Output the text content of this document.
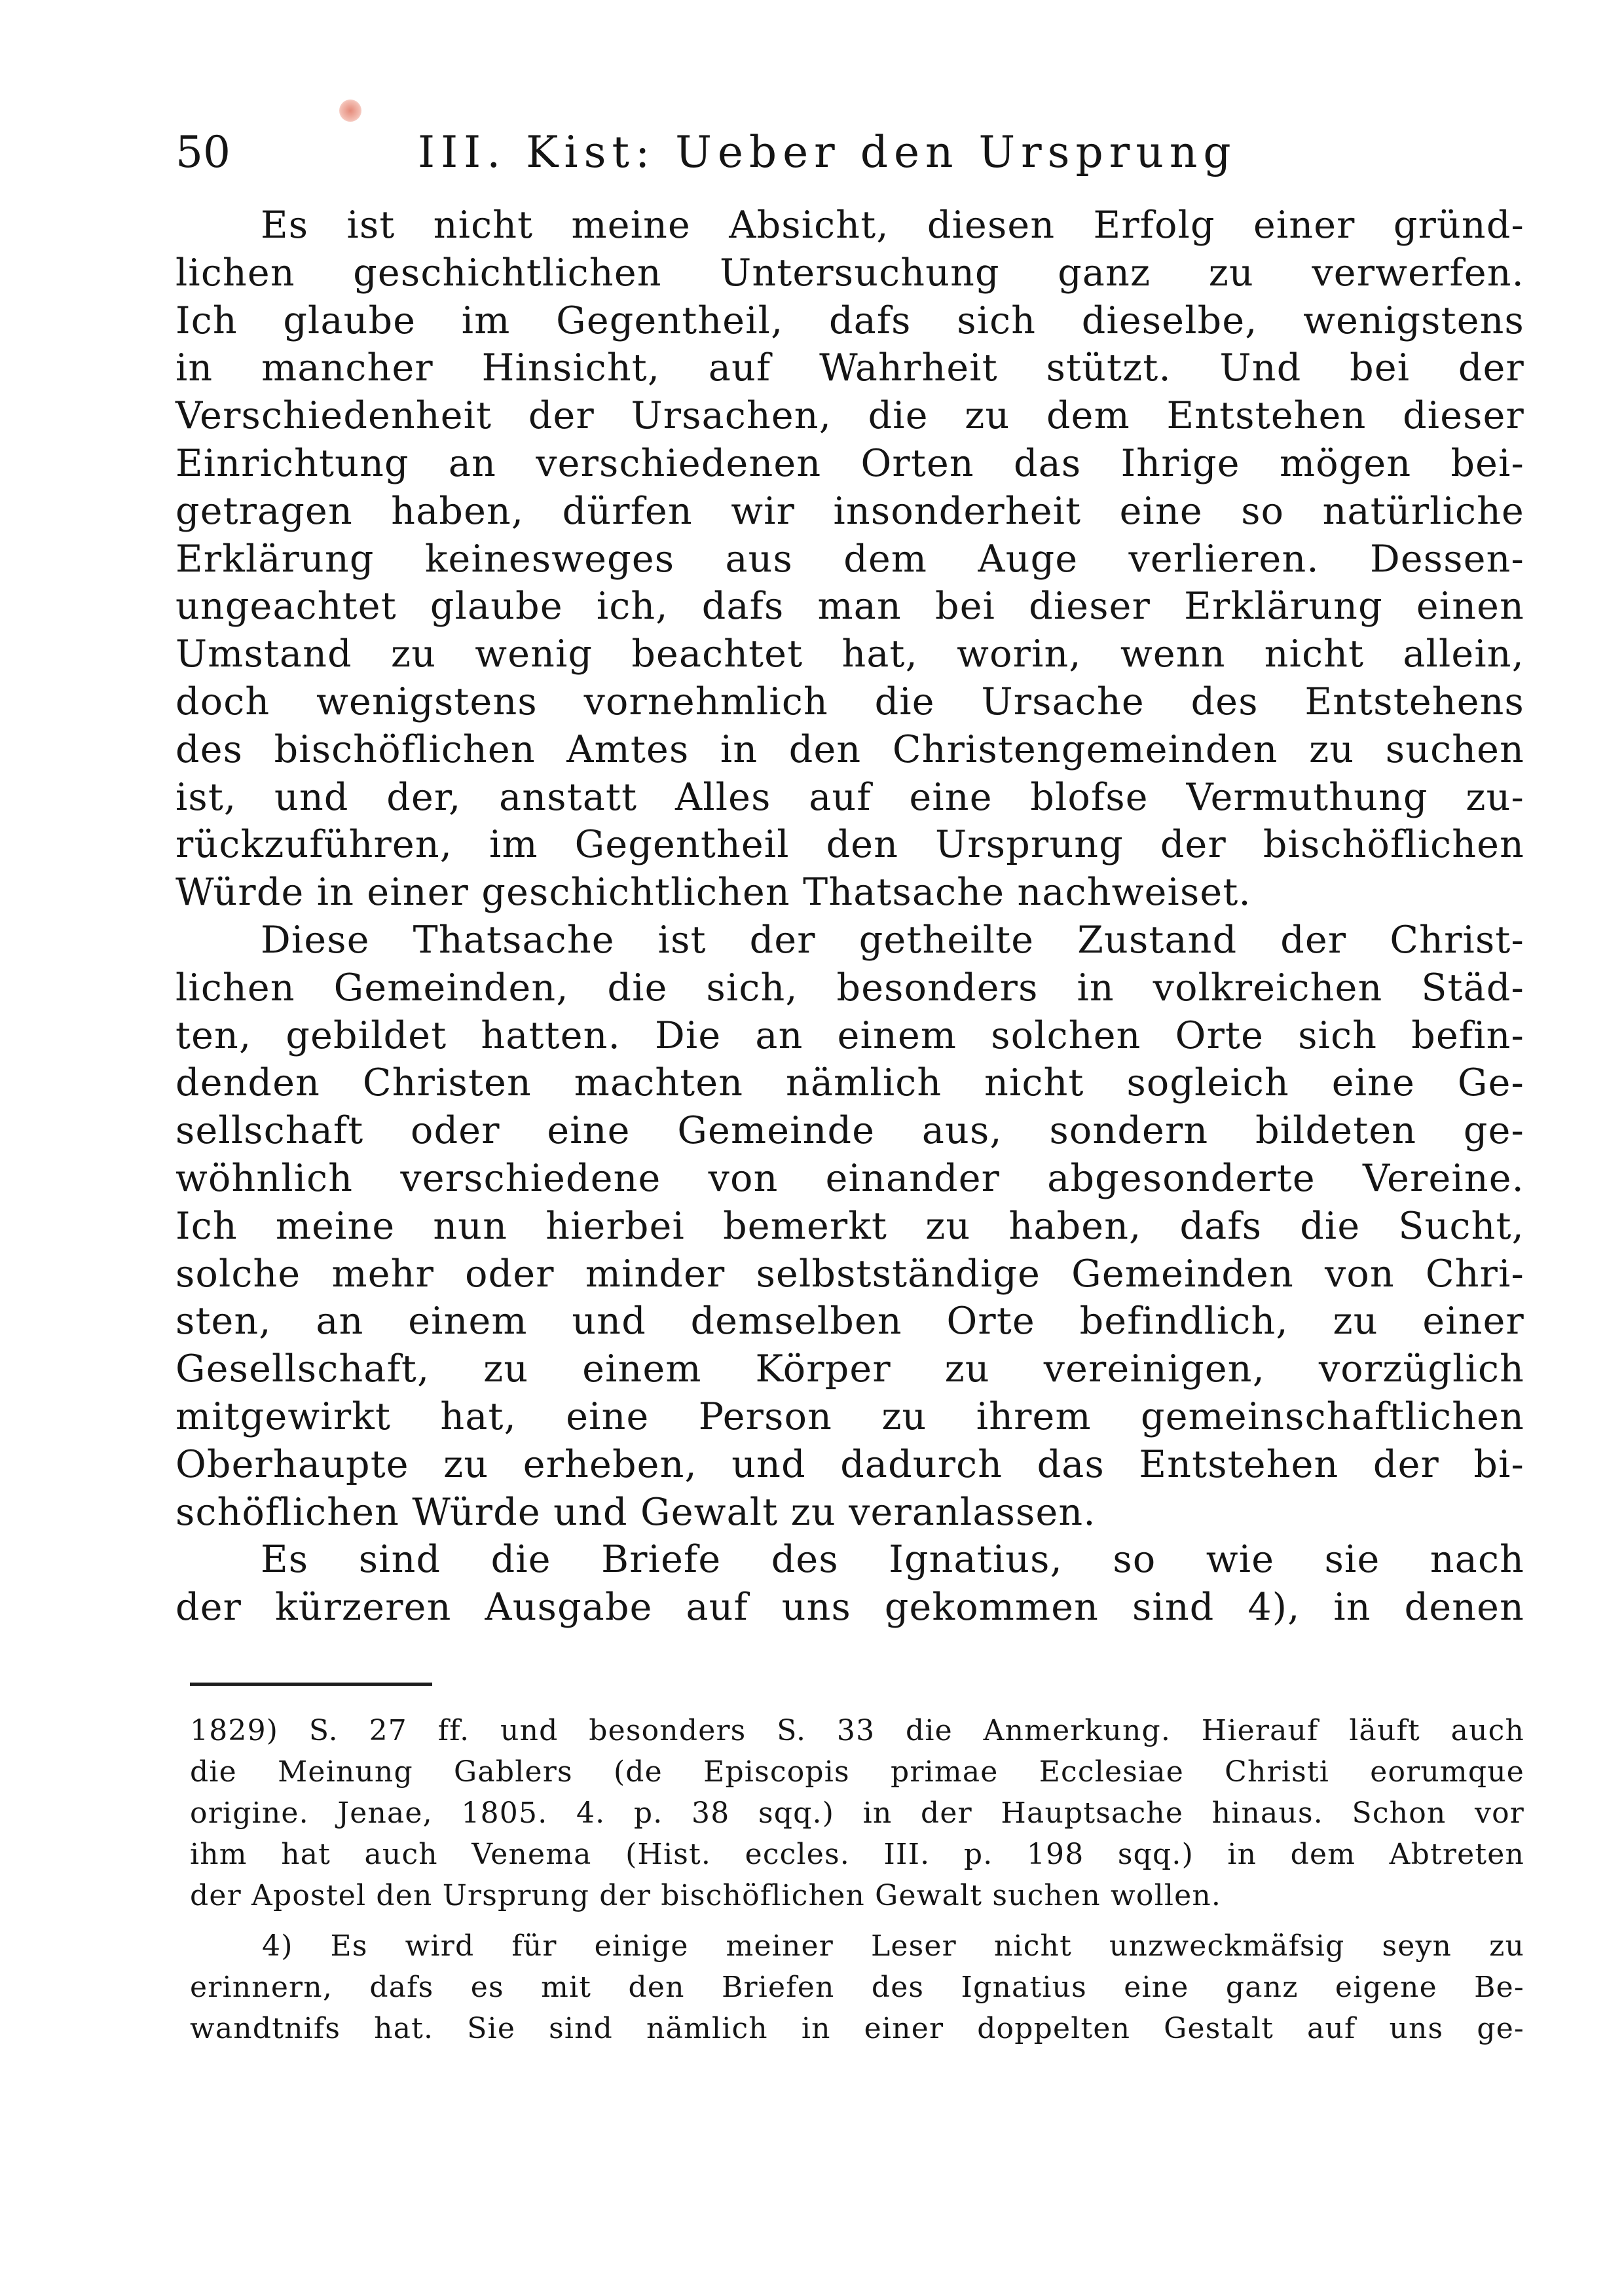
50	III. Kist: Ueber den Ursprung
Es ist nicht meine Absicht, diesen Erfolg einer gründ-
lichen geschichtlichen Untersuchung ganz zu verwerfen.
Ich glaube im Gegentheil, dafs sich dieselbe, wenigstens
in mancher Hinsicht, auf Wahrheit stützt. Und bei der
Verschiedenheit der Ursachen, die zu dem Entstehen dieser
Einrichtung an verschiedenen Orten das Ihrige mögen bei-
getragen haben, dürfen wir insonderheit eine so natürliche
Erklärung keinesweges aus dem Auge verlieren. Dessen-
ungeachtet glaube ich, dafs man bei dieser Erklärung einen
Umstand zu wenig beachtet hat, worin, wenn nicht allein,
doch wenigstens vornehmlich die Ursache des Entstehens
des bischöflichen Amtes in den Christengemeinden zu suchen
ist, und der, anstatt Alles auf eine blofse Vermuthung zu-
rückzuführen, im Gegentheil den Ursprung der bischöflichen
Würde in einer geschichtlichen Thatsache nachweiset.
Diese Thatsache ist der getheilte Zustand der Christ-
lichen Gemeinden, die sich, besonders in volkreichen Städ-
ten, gebildet hatten. Die an einem solchen Orte sich befin-
denden Christen machten nämlich nicht sogleich eine Ge-
sellschaft oder eine Gemeinde aus, sondern bildeten ge-
wöhnlich verschiedene von einander abgesonderte Vereine.
Ich meine nun hierbei bemerkt zu haben, dafs die Sucht,
solche mehr oder minder selbstständige Gemeinden von Chri-
sten, an einem und demselben Orte befindlich, zu einer
Gesellschaft, zu einem Körper zu vereinigen, vorzüglich
mitgewirkt hat, eine Person zu ihrem gemeinschaftlichen
Oberhaupte zu erheben, und dadurch das Entstehen der bi-
schöflichen Würde und Gewalt zu veranlassen.
Es sind die Briefe des Ignatius, so wie sie nach
der kürzeren Ausgabe auf uns gekommen sind 4), in denen
1829) S. 27 ff. und besonders S. 33 die Anmerkung. Hierauf läuft auch
die Meinung Gablers (de Episcopis primae Ecclesiae Christi eorumque
origine. Jenae, 1805. 4. p. 38 sqq.) in der Hauptsache hinaus. Schon vor
ihm hat auch Venema (Hist. eccles. III. p. 198 sqq.) in dem Abtreten
der Apostel den Ursprung der bischöflichen Gewalt suchen wollen.
4) Es wird für einige meiner Leser nicht unzweckmäfsig seyn zu
erinnern, dafs es mit den Briefen des Ignatius eine ganz eigene Be-
wandtnifs hat. Sie sind nämlich in einer doppelten Gestalt auf uns ge-
